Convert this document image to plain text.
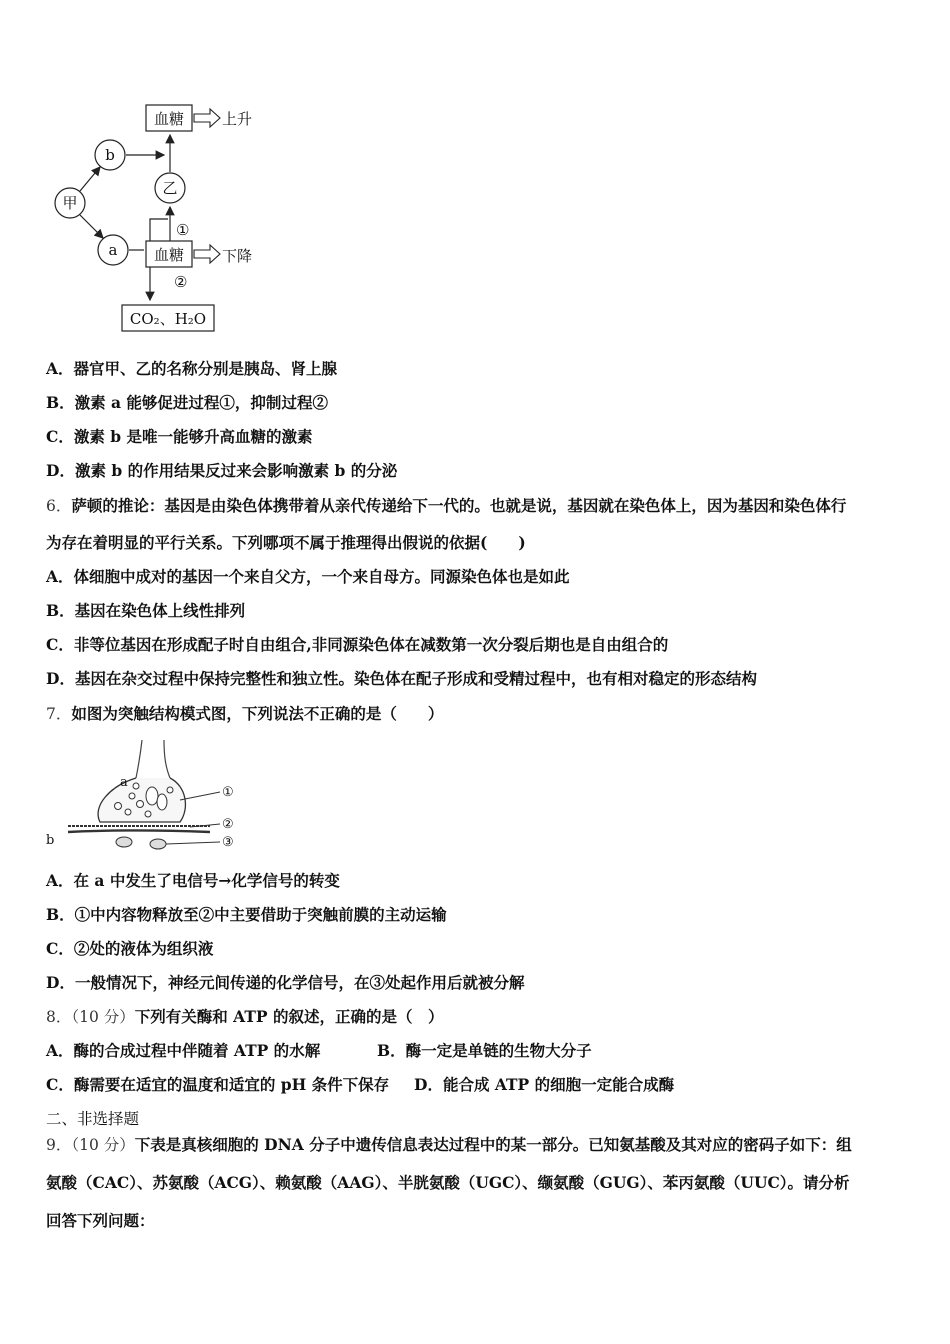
血糖	上升
b
甲
乙
a 血糖	下降
①
②
CO₂、H₂O
A．器官甲、乙的名称分别是胰岛、肾上腺
B．激素 a 能够促进过程①，抑制过程②
C．激素 b 是唯一能够升高血糖的激素
D．激素 b 的作用结果反过来会影响激素 b 的分泌
6．萨顿的推论：基因是由染色体携带着从亲代传递给下一代的。也就是说，基因就在染色体上，因为基因和染色体行
为存在着明显的平行关系。下列哪项不属于推理得出假说的依据(　　)
A．体细胞中成对的基因一个来自父方，一个来自母方。同源染色体也是如此
B．基因在染色体上线性排列
C．非等位基因在形成配子时自由组合,非同源染色体在减数第一次分裂后期也是自由组合的
D．基因在杂交过程中保持完整性和独立性。染色体在配子形成和受精过程中，也有相对稳定的形态结构
7．如图为突触结构模式图，下列说法不正确的是（　　）
a
b
①
②
③
A．在 a 中发生了电信号→化学信号的转变
B．①中内容物释放至②中主要借助于突触前膜的主动运输
C．②处的液体为组织液
D．一般情况下，神经元间传递的化学信号，在③处起作用后就被分解
8．（10 分）下列有关酶和 ATP 的叙述，正确的是（　）
A．酶的合成过程中伴随着 ATP 的水解	B．酶一定是单链的生物大分子
C．酶需要在适宜的温度和适宜的 pH 条件下保存 D．能合成 ATP 的细胞一定能合成酶
二、非选择题
9．（10 分）下表是真核细胞的 DNA 分子中遗传信息表达过程中的某一部分。已知氨基酸及其对应的密码子如下：组
氨酸（CAC）、苏氨酸（ACG）、赖氨酸（AAG）、半胱氨酸（UGC）、缬氨酸（GUG）、苯丙氨酸（UUC）。请分析
回答下列问题：
